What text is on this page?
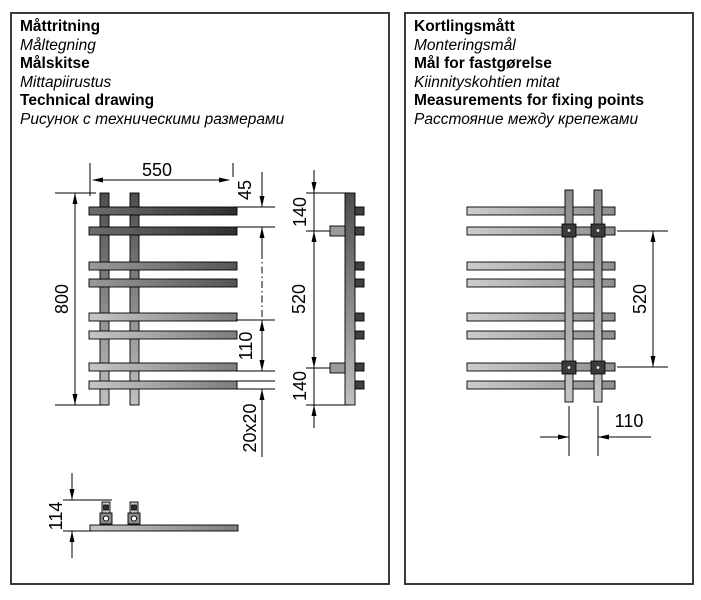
Måttritning
Måltegning
Målskitse
Mittapiirustus
Technical drawing
Рисунок с техническими размерами
Kortlingsmått
Monteringsmål
Mål for fastgørelse
Kiinnityskohtien mitat
Measurements for fixing points
Расстояние между крепежами
550
800
45
110
20x20
140
520
140
114
520
110
